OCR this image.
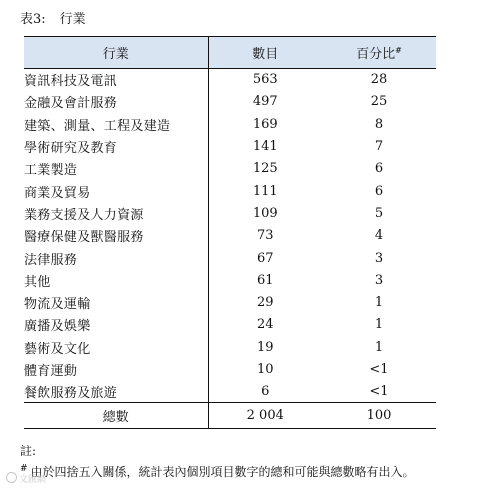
表3: 行業
行業	數目	百分比#
資訊科技及電訊	563	28
金融及會計服務	497	25
建築、測量、工程及建造	169	8
學術研究及教育	141	7
工業製造	125	6
商業及貿易	111	6
業務支援及人力資源	109	5
醫療保健及獸醫服務	73	4
法律服務	67	3
其他	61	3
物流及運輸	29	1
廣播及娛樂	24	1
藝術及文化	19	1
體育運動	10	<1
餐飲服務及旅遊	6	<1
總數	2 004	100
註:
# 由於四捨五入關係，統計表內個別項目數字的總和可能與總數略有出入。
文匯網
